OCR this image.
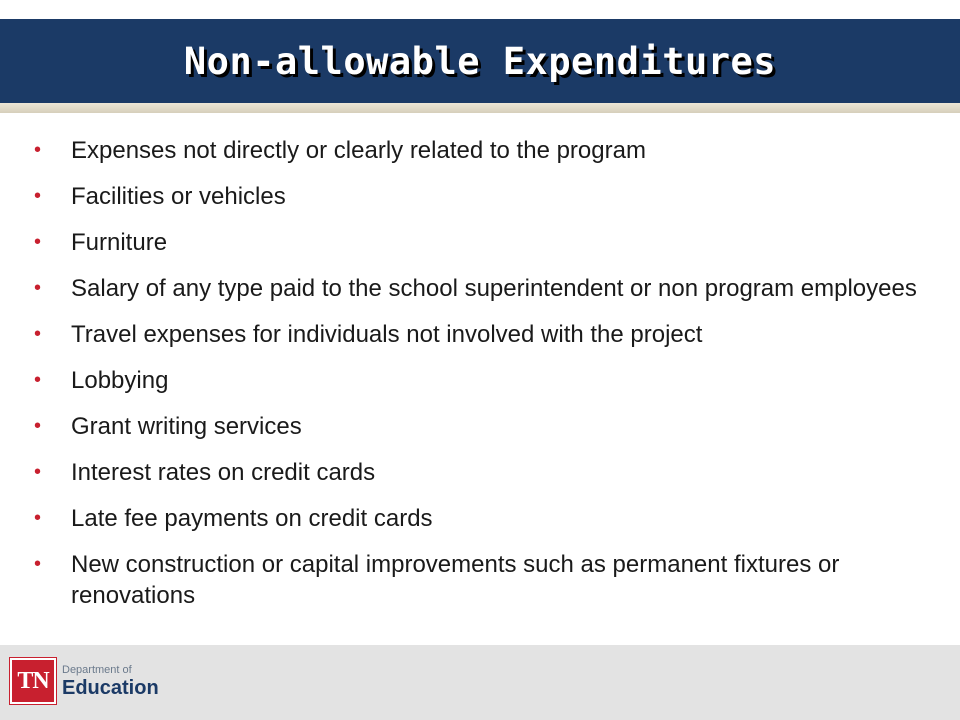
Non-allowable Expenditures
•	Expenses not directly or clearly related to the program
•	Facilities or vehicles
•	Furniture
•	Salary of any type paid to the school superintendent or non program employees
•	Travel expenses for individuals not involved with the project
•	Lobbying
•	Grant writing services
•	Interest rates on credit cards
•	Late fee payments on credit cards
•	New construction or capital improvements such as permanent fixtures or renovations
TN Department of
Education
